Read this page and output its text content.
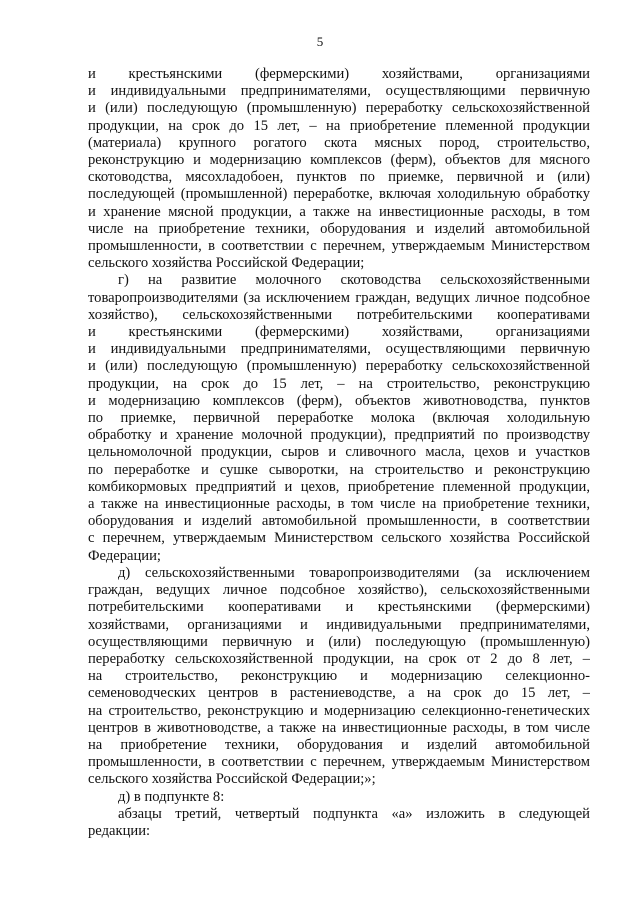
5
и крестьянскими (фермерскими) хозяйствами, организациями
и индивидуальными предпринимателями, осуществляющими первичную
и (или) последующую (промышленную) переработку сельскохозяйственной
продукции, на срок до 15 лет, – на приобретение племенной продукции
(материала) крупного рогатого скота мясных пород, строительство,
реконструкцию и модернизацию комплексов (ферм), объектов для мясного
скотоводства, мясохладобоен, пунктов по приемке, первичной и (или)
последующей (промышленной) переработке, включая холодильную обработку
и хранение мясной продукции, а также на инвестиционные расходы, в том
числе на приобретение техники, оборудования и изделий автомобильной
промышленности, в соответствии с перечнем, утверждаемым Министерством
сельского хозяйства Российской Федерации;
г) на развитие молочного скотоводства сельскохозяйственными
товаропроизводителями (за исключением граждан, ведущих личное подсобное
хозяйство), сельскохозяйственными потребительскими кооперативами
и крестьянскими (фермерскими) хозяйствами, организациями
и индивидуальными предпринимателями, осуществляющими первичную
и (или) последующую (промышленную) переработку сельскохозяйственной
продукции, на срок до 15 лет, – на строительство, реконструкцию
и модернизацию комплексов (ферм), объектов животноводства, пунктов
по приемке, первичной переработке молока (включая холодильную
обработку и хранение молочной продукции), предприятий по производству
цельномолочной продукции, сыров и сливочного масла, цехов и участков
по переработке и сушке сыворотки, на строительство и реконструкцию
комбикормовых предприятий и цехов, приобретение племенной продукции,
а также на инвестиционные расходы, в том числе на приобретение техники,
оборудования и изделий автомобильной промышленности, в соответствии
с перечнем, утверждаемым Министерством сельского хозяйства Российской
Федерации;
д) сельскохозяйственными товаропроизводителями (за исключением
граждан, ведущих личное подсобное хозяйство), сельскохозяйственными
потребительскими кооперативами и крестьянскими (фермерскими)
хозяйствами, организациями и индивидуальными предпринимателями,
осуществляющими первичную и (или) последующую (промышленную)
переработку сельскохозяйственной продукции, на срок от 2 до 8 лет, –
на строительство, реконструкцию и модернизацию селекционно-
семеноводческих центров в растениеводстве, а на срок до 15 лет, –
на строительство, реконструкцию и модернизацию селекционно-генетических
центров в животноводстве, а также на инвестиционные расходы, в том числе
на приобретение техники, оборудования и изделий автомобильной
промышленности, в соответствии с перечнем, утверждаемым Министерством
сельского хозяйства Российской Федерации;»;
д) в подпункте 8:
абзацы третий, четвертый подпункта «а» изложить в следующей
редакции:
